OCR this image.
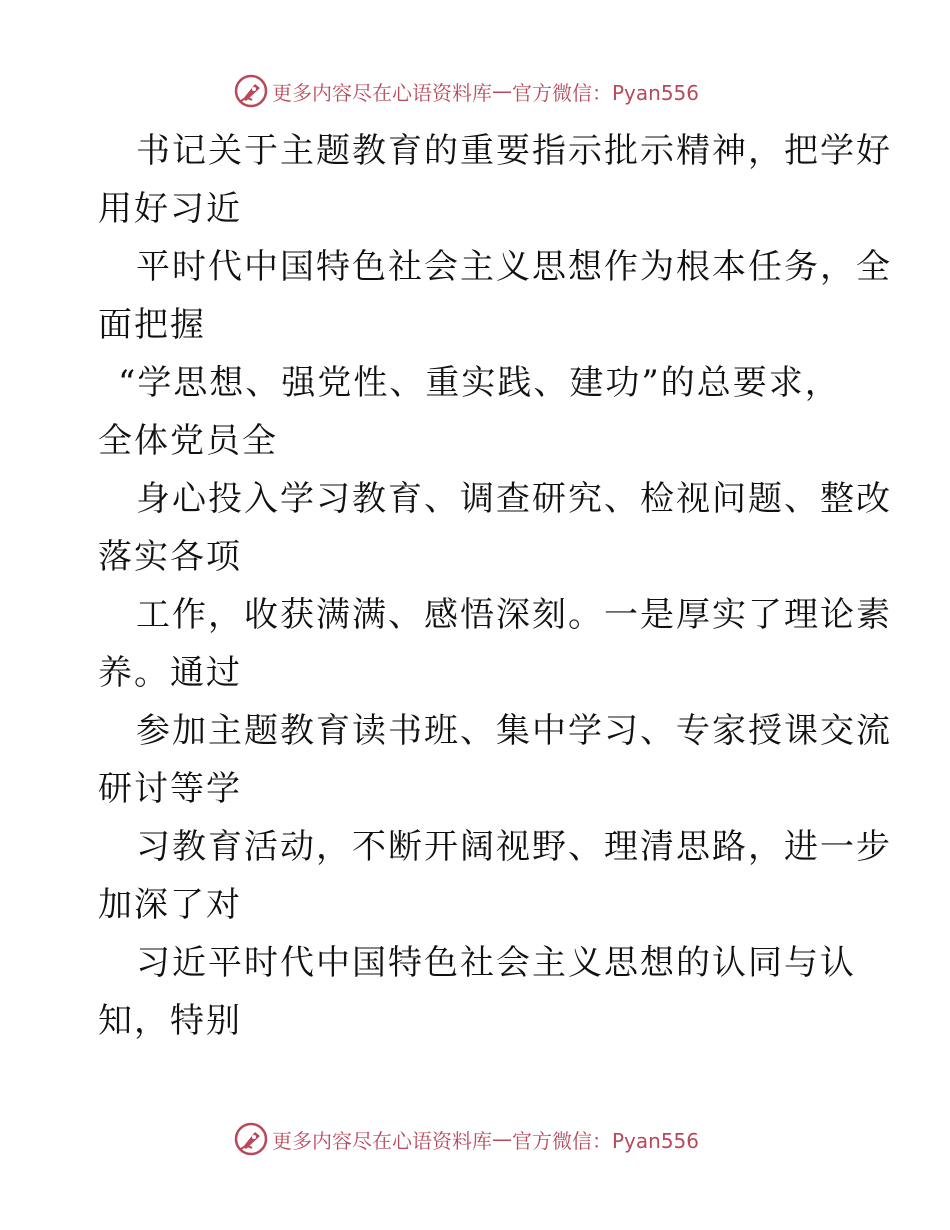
更多内容尽在心语资料库 — 官方微信：Pyan556
书记关于主题教育的重要指示批示精神，把学好
用好习近
平时代中国特色社会主义思想作为根本任务，全
面把握
“学思想、强党性、重实践、建功”的总要求，
全体党员全
身心投入学习教育、调查研究、检视问题、整改
落实各项
工作，收获满满、感悟深刻。一是厚实了理论素
养。通过
参加主题教育读书班、集中学习、专家授课交流
研讨等学
习教育活动，不断开阔视野、理清思路，进一步
加深了对
习近平时代中国特色社会主义思想的认同与认
知，特别
更多内容尽在心语资料库 — 官方微信：Pyan556
